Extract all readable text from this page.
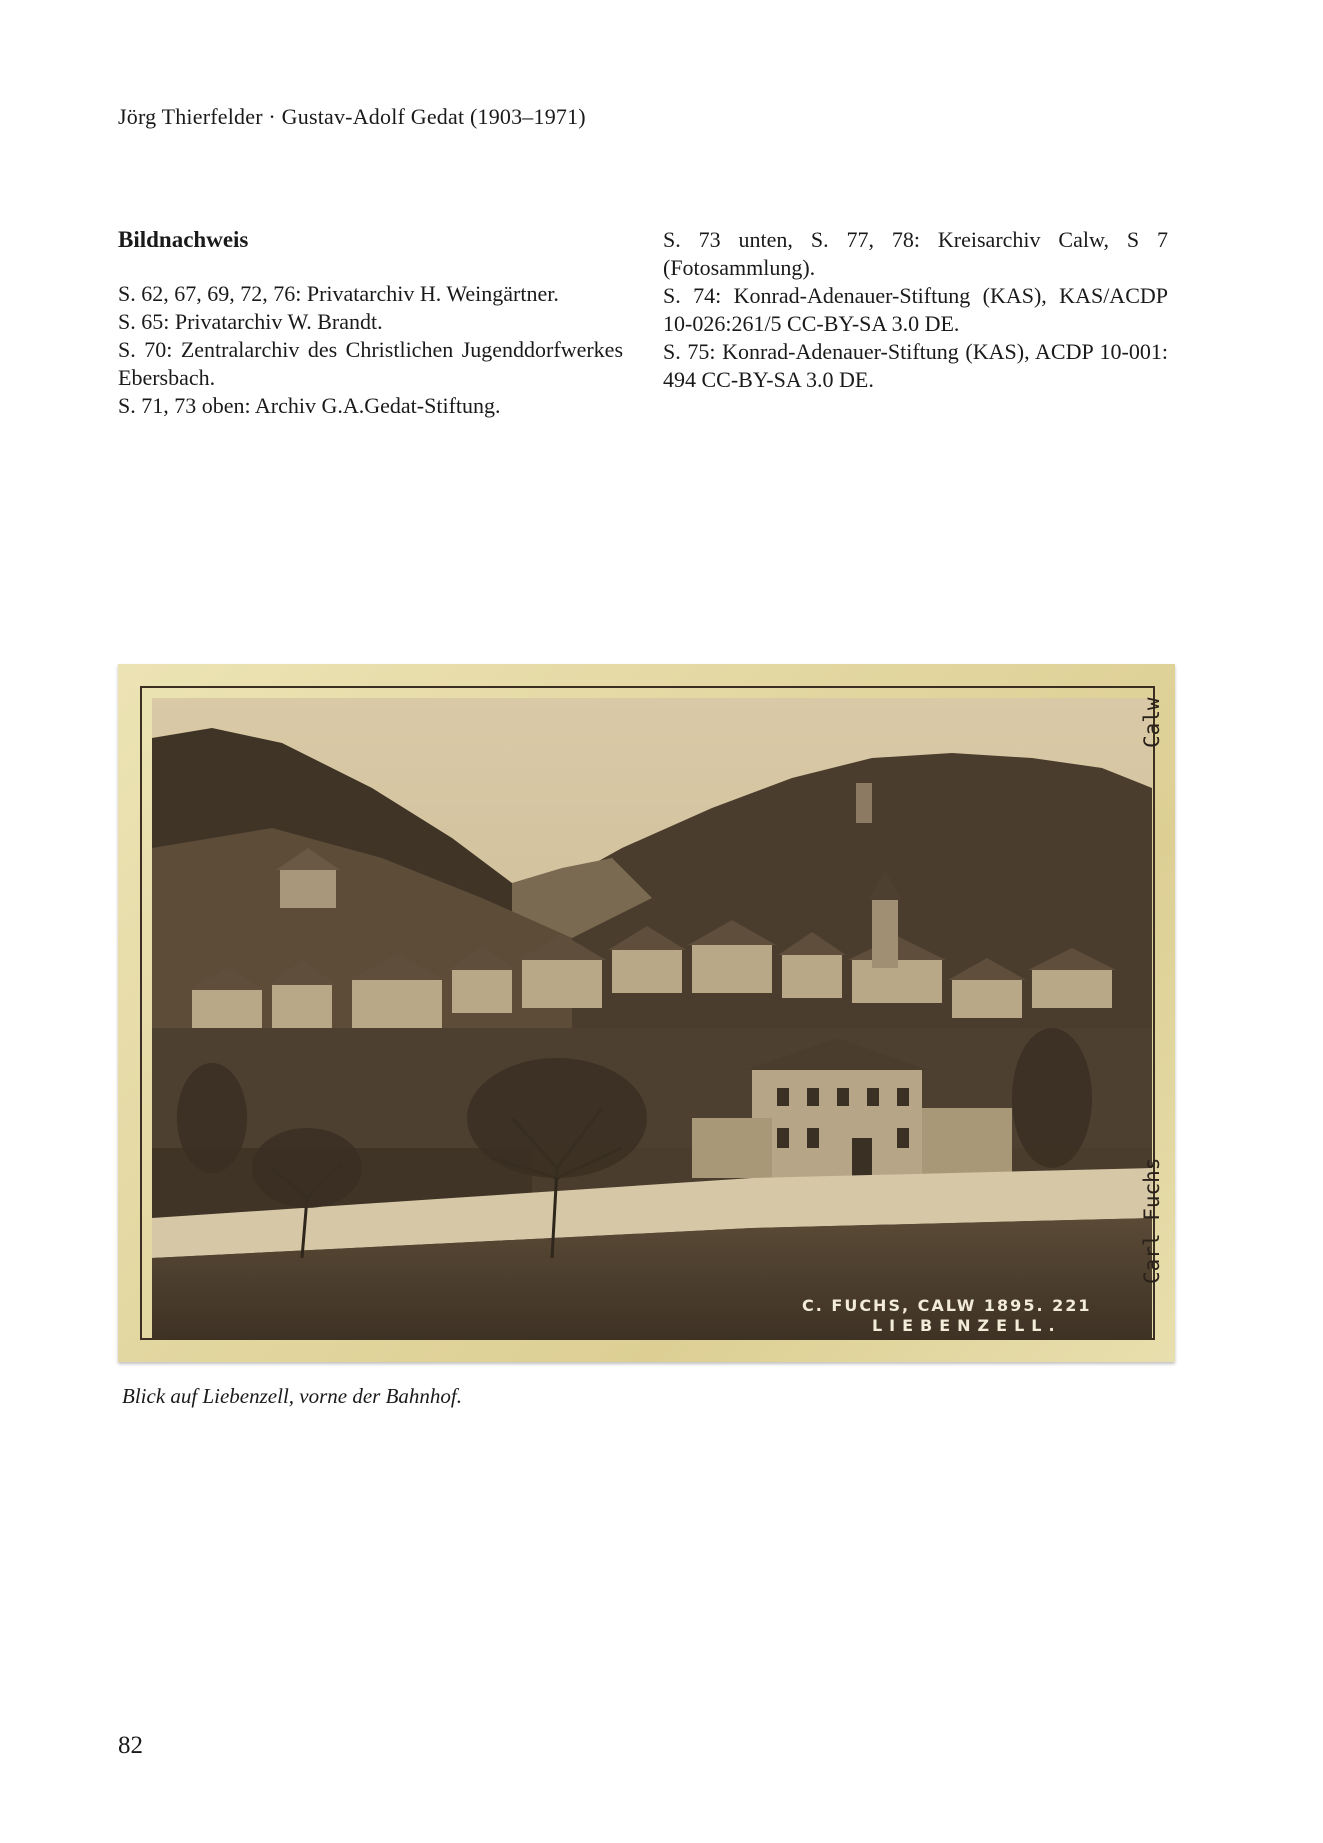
Jörg Thierfelder · Gustav-Adolf Gedat (1903–1971)
Bildnachweis

S. 62, 67, 69, 72, 76: Privatarchiv H. Weingärtner.

S. 65: Privatarchiv W. Brandt.

S. 70: Zentralarchiv des Christlichen Jugenddorfwerkes Ebersbach.

S. 71, 73 oben: Archiv G.A.Gedat-Stiftung.

S. 73 unten, S. 77, 78: Kreisarchiv Calw, S 7 (Fotosammlung).

S. 74: Konrad-Adenauer-Stiftung (KAS), KAS/ACDP 10-026:261/5 CC-BY-SA 3.0 DE.

S. 75: Konrad-Adenauer-Stiftung (KAS), ACDP 10-001: 494 CC-BY-SA 3.0 DE.

C. FUCHS, CALW 1895. 221
LIEBENZELL.
Calw
Carl Fuchs
Blick auf Liebenzell, vorne der Bahnhof.
82
